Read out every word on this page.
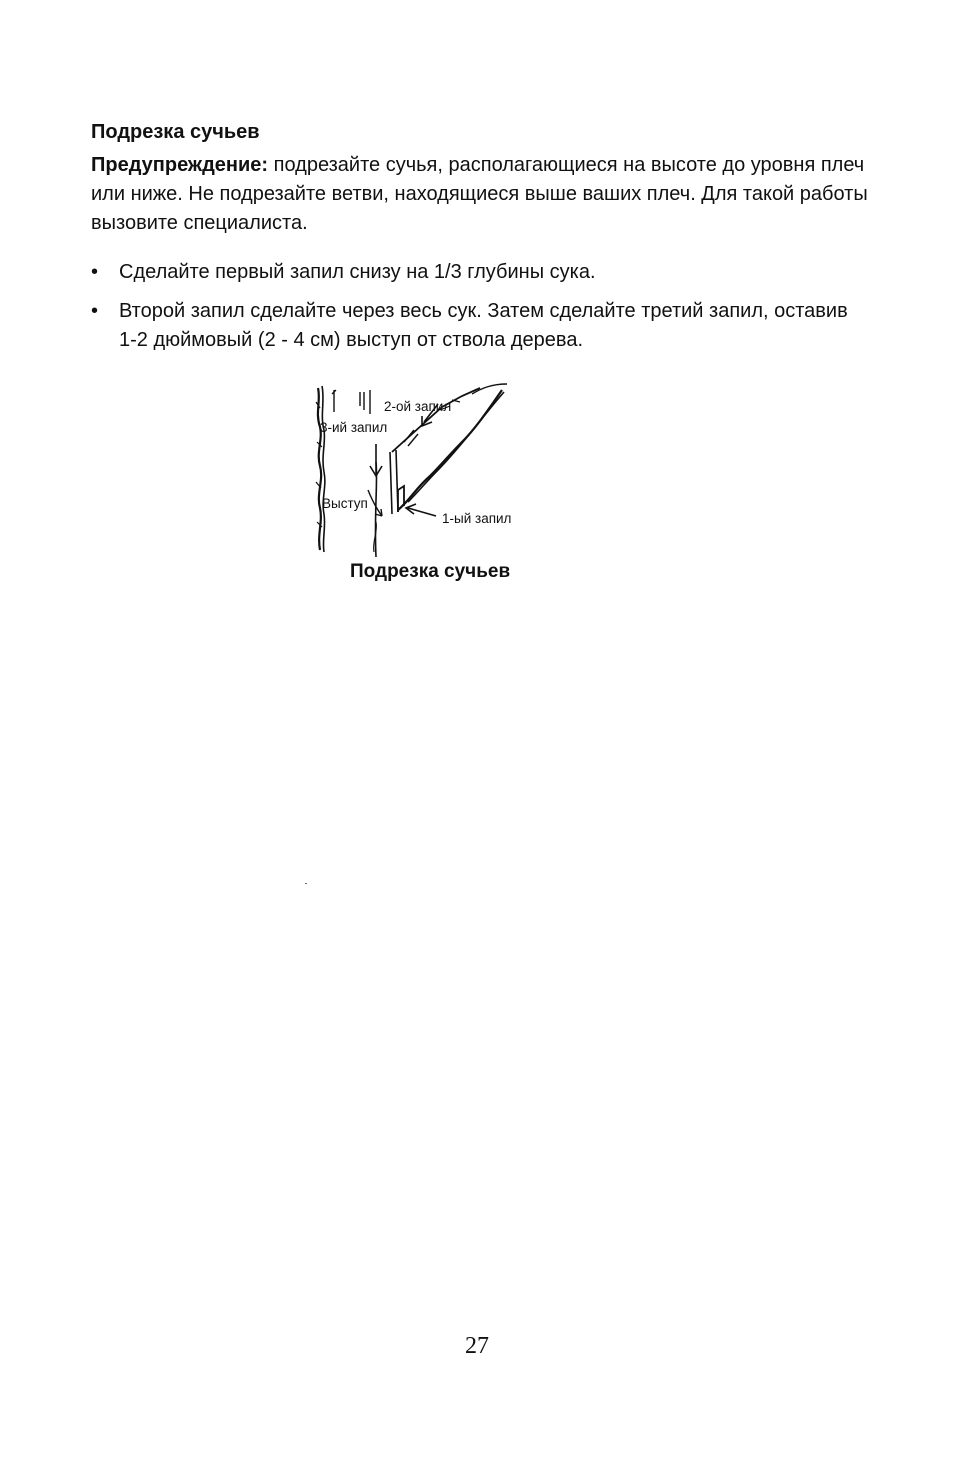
Подрезка сучьев

Предупреждение: подрезайте сучья, располагающиеся на высоте до уровня плеч или ниже. Не подрезайте ветви, находящиеся выше ваших плеч. Для такой работы вызовите специалиста.

• Сделайте первый запил снизу на 1/3 глубины сука.
• Второй запил сделайте через весь сук. Затем сделайте третий запил, оставив 1-2 дюймовый (2 - 4 см) выступ от ствола дерева.
2-ой запил
3-ий запил
Выступ
1-ый запил

Подрезка сучьев

27
